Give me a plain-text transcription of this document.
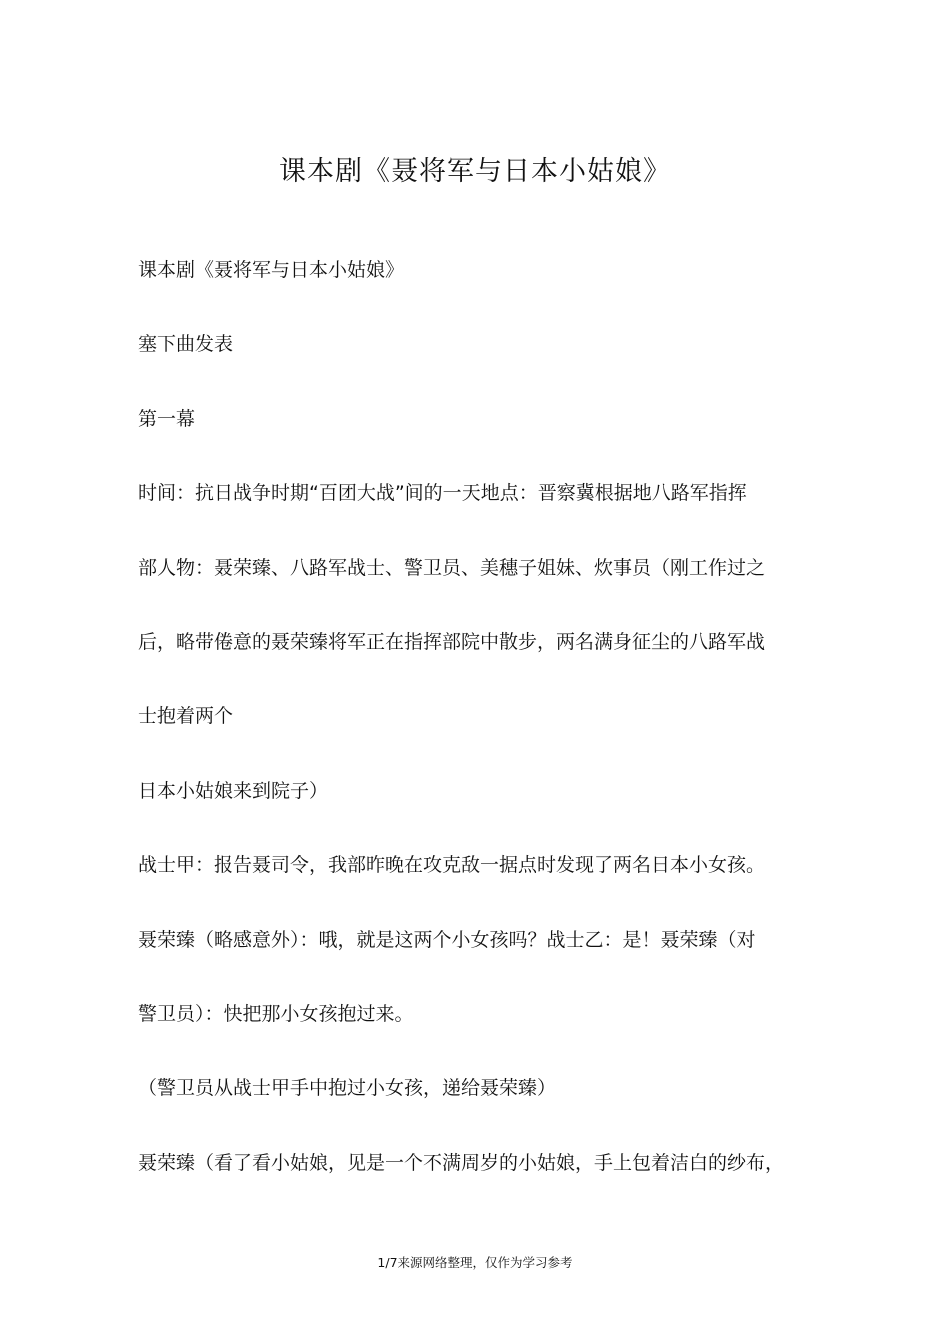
课本剧《聂将军与日本小姑娘》
课本剧《聂将军与日本小姑娘》
塞下曲发表
第一幕
时间：抗日战争时期“百团大战”间的一天地点：晋察冀根据地八路军指挥
部人物：聂荣臻、八路军战士、警卫员、美穗子姐妹、炊事员（刚工作过之
后，略带倦意的聂荣臻将军正在指挥部院中散步，两名满身征尘的八路军战
士抱着两个
日本小姑娘来到院子）
战士甲：报告聂司令，我部昨晚在攻克敌一据点时发现了两名日本小女孩。
聂荣臻（略感意外）：哦，就是这两个小女孩吗？战士乙：是！聂荣臻（对
警卫员）：快把那小女孩抱过来。
（警卫员从战士甲手中抱过小女孩，递给聂荣臻）
聂荣臻（看了看小姑娘，见是一个不满周岁的小姑娘，手上包着洁白的纱布，
1/7来源网络整理，仅作为学习参考
